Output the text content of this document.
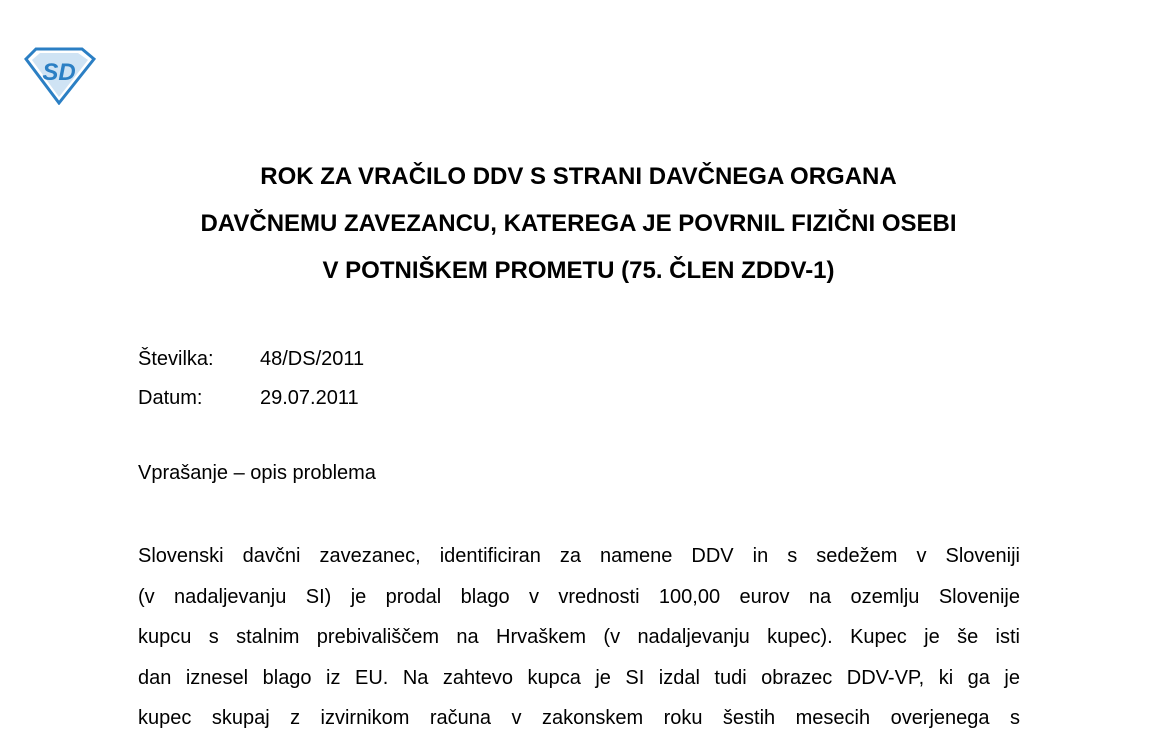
SD
ROK ZA VRAČILO DDV S STRANI DAVČNEGA ORGANA
DAVČNEMU ZAVEZANCU, KATEREGA JE POVRNIL FIZIČNI OSEBI
V POTNIŠKEM PROMETU (75. ČLEN ZDDV-1)
Številka:	48/DS/2011
Datum:	29.07.2011
Vprašanje – opis problema
Slovenski davčni zavezanec, identificiran za namene DDV in s sedežem v Sloveniji
(v nadaljevanju SI) je prodal blago v vrednosti 100,00 eurov na ozemlju Slovenije
kupcu s stalnim prebivališčem na Hrvaškem (v nadaljevanju kupec). Kupec je še isti
dan iznesel blago iz EU. Na zahtevo kupca je SI izdal tudi obrazec DDV-VP, ki ga je
kupec skupaj z izvirnikom računa v zakonskem roku šestih mesecih overjenega s
